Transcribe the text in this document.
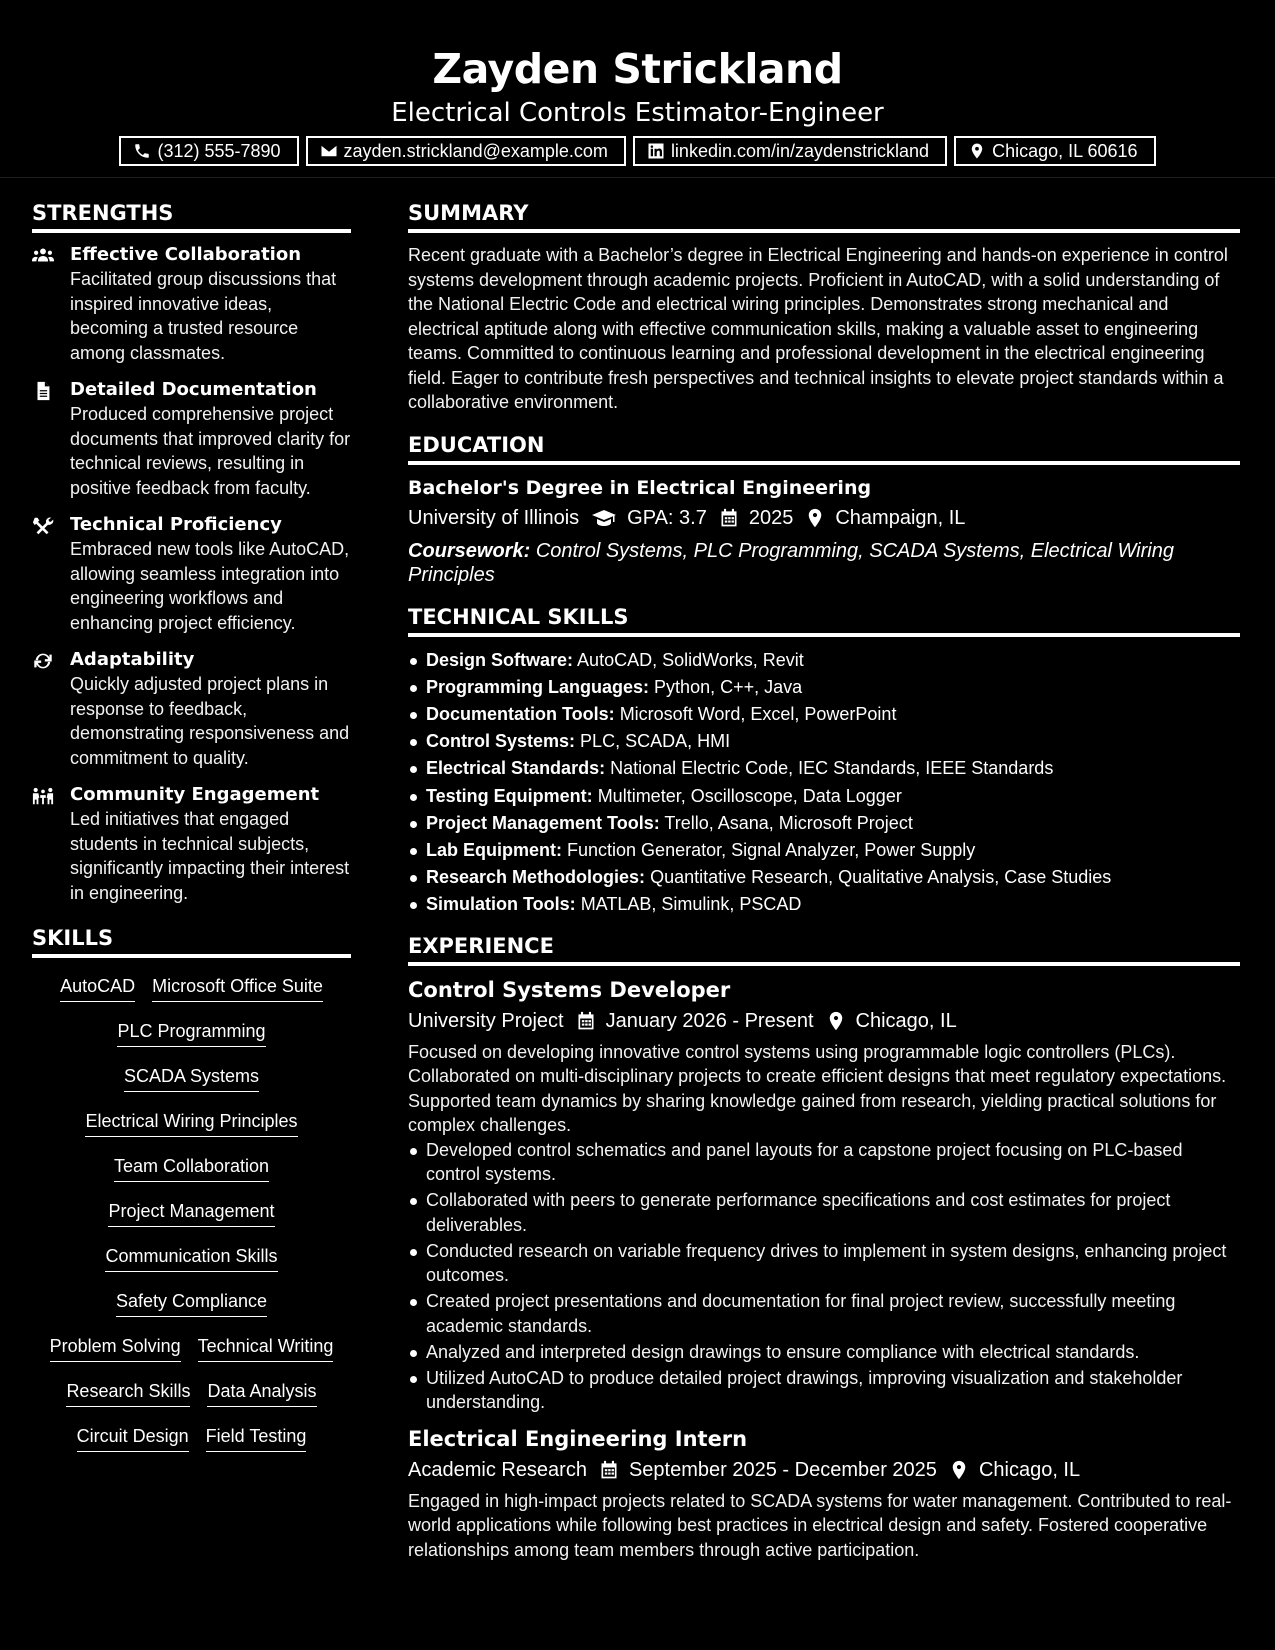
Zayden Strickland
Electrical Controls Estimator-Engineer
(312) 555-7890	zayden.strickland@example.com	linkedin.com/in/zaydenstrickland	Chicago, IL 60616
STRENGTHS
Effective Collaboration
Facilitated group discussions that inspired innovative ideas, becoming a trusted resource among classmates.
Detailed Documentation
Produced comprehensive project documents that improved clarity for technical reviews, resulting in positive feedback from faculty.
Technical Proficiency
Embraced new tools like AutoCAD, allowing seamless integration into engineering workflows and enhancing project efficiency.
Adaptability
Quickly adjusted project plans in response to feedback, demonstrating responsiveness and commitment to quality.
Community Engagement
Led initiatives that engaged students in technical subjects, significantly impacting their interest in engineering.
SKILLS
AutoCAD Microsoft Office Suite
PLC Programming
SCADA Systems
Electrical Wiring Principles
Team Collaboration
Project Management
Communication Skills
Safety Compliance
Problem Solving Technical Writing
Research Skills Data Analysis
Circuit Design Field Testing
SUMMARY
Recent graduate with a Bachelor’s degree in Electrical Engineering and hands-on experience in control systems development through academic projects. Proficient in AutoCAD, with a solid understanding of the National Electric Code and electrical wiring principles. Demonstrates strong mechanical and electrical aptitude along with effective communication skills, making a valuable asset to engineering teams. Committed to continuous learning and professional development in the electrical engineering field. Eager to contribute fresh perspectives and technical insights to elevate project standards within a collaborative environment.
EDUCATION
Bachelor's Degree in Electrical Engineering
University of Illinois GPA: 3.7 2025 Champaign, IL
Coursework: Control Systems, PLC Programming, SCADA Systems, Electrical Wiring Principles
TECHNICAL SKILLS
Design Software: AutoCAD, SolidWorks, Revit
Programming Languages: Python, C++, Java
Documentation Tools: Microsoft Word, Excel, PowerPoint
Control Systems: PLC, SCADA, HMI
Electrical Standards: National Electric Code, IEC Standards, IEEE Standards
Testing Equipment: Multimeter, Oscilloscope, Data Logger
Project Management Tools: Trello, Asana, Microsoft Project
Lab Equipment: Function Generator, Signal Analyzer, Power Supply
Research Methodologies: Quantitative Research, Qualitative Analysis, Case Studies
Simulation Tools: MATLAB, Simulink, PSCAD
EXPERIENCE
Control Systems Developer
University Project January 2026 - Present Chicago, IL
Focused on developing innovative control systems using programmable logic controllers (PLCs). Collaborated on multi-disciplinary projects to create efficient designs that meet regulatory expectations. Supported team dynamics by sharing knowledge gained from research, yielding practical solutions for complex challenges.
Developed control schematics and panel layouts for a capstone project focusing on PLC-based control systems.
Collaborated with peers to generate performance specifications and cost estimates for project deliverables.
Conducted research on variable frequency drives to implement in system designs, enhancing project outcomes.
Created project presentations and documentation for final project review, successfully meeting academic standards.
Analyzed and interpreted design drawings to ensure compliance with electrical standards.
Utilized AutoCAD to produce detailed project drawings, improving visualization and stakeholder understanding.
Electrical Engineering Intern
Academic Research September 2025 - December 2025 Chicago, IL
Engaged in high-impact projects related to SCADA systems for water management. Contributed to real-world applications while following best practices in electrical design and safety. Fostered cooperative relationships among team members through active participation.
